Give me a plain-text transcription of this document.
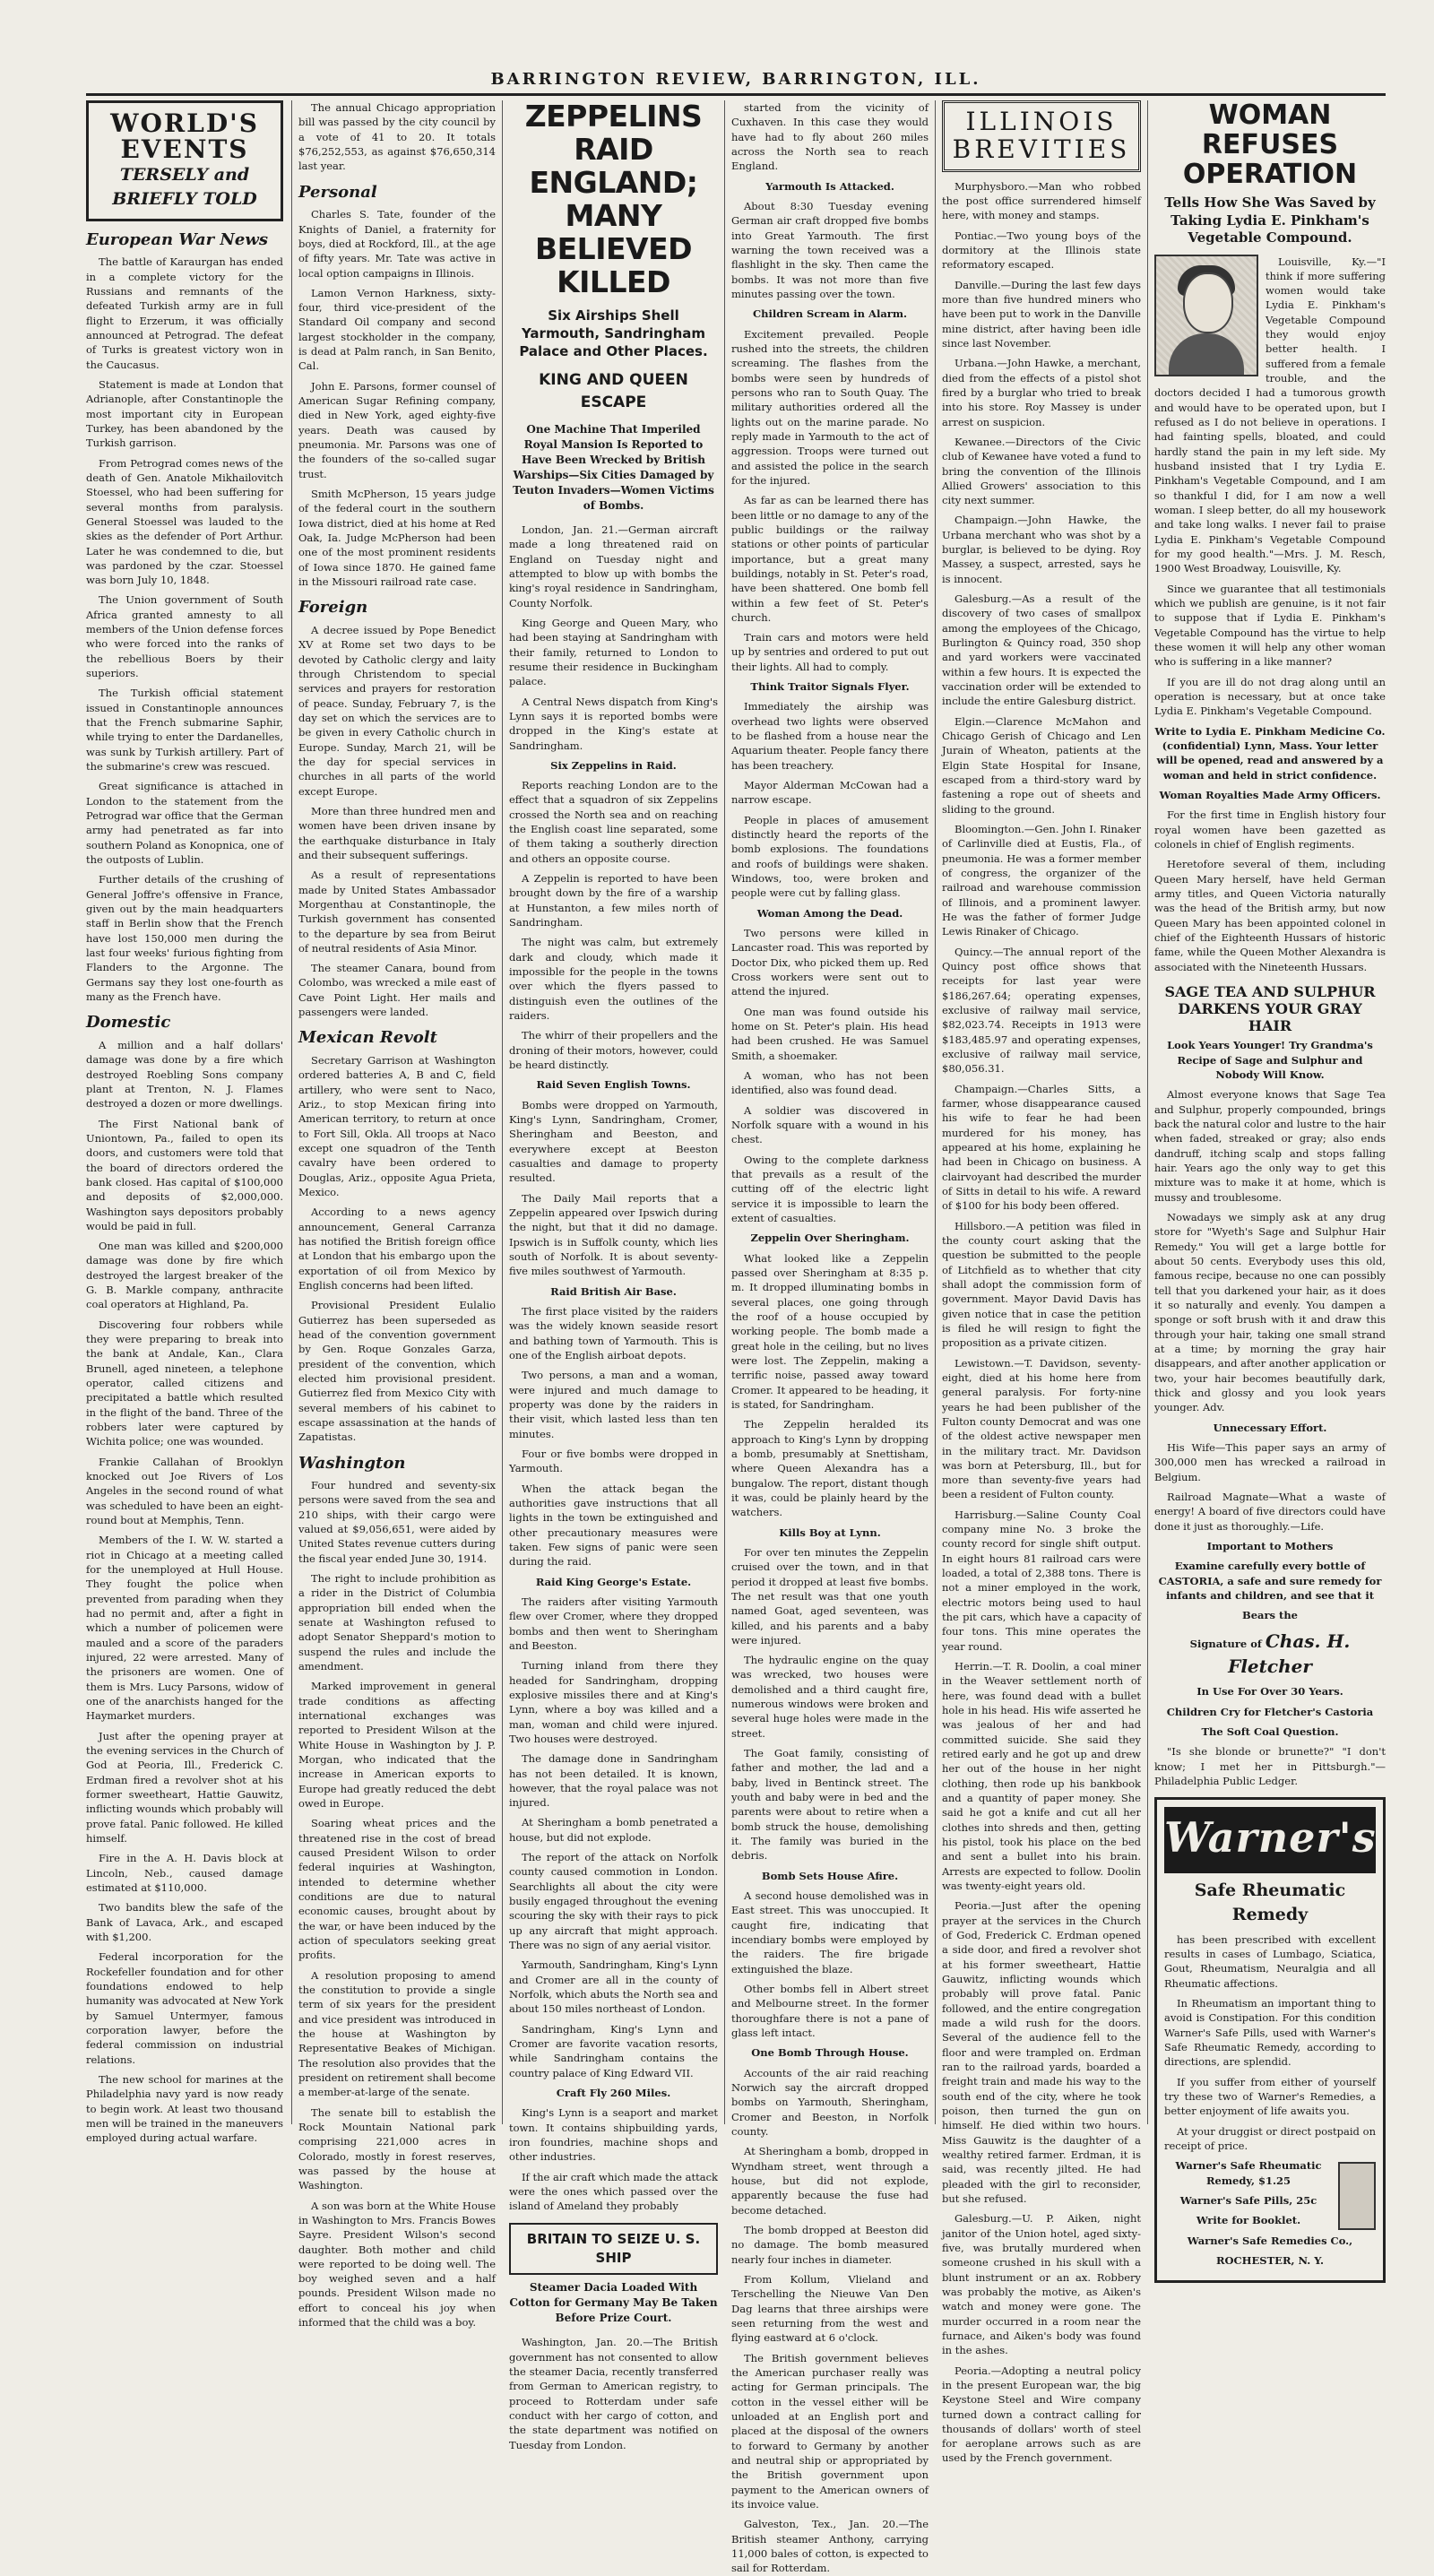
BARRINGTON REVIEW, BARRINGTON, ILL.
WORLD'S
EVENTS
TERSELY and
BRIEFLY TOLD
European War News

The battle of Karaurgan has ended in a complete victory for the Russians and remnants of the defeated Turkish army are in full flight to Erzerum, it was officially announced at Petrograd. The defeat of Turks is greatest victory won in the Caucasus.

Statement is made at London that Adrianople, after Constantinople the most important city in European Turkey, has been abandoned by the Turkish garrison.

From Petrograd comes news of the death of Gen. Anatole Mikhailovitch Stoessel, who had been suffering for several months from paralysis. General Stoessel was lauded to the skies as the defender of Port Arthur. Later he was condemned to die, but was pardoned by the czar. Stoessel was born July 10, 1848.

The Union government of South Africa granted amnesty to all members of the Union defense forces who were forced into the ranks of the rebellious Boers by their superiors.

The Turkish official statement issued in Constantinople announces that the French submarine Saphir, while trying to enter the Dardanelles, was sunk by Turkish artillery. Part of the submarine's crew was rescued.

Great significance is attached in London to the statement from the Petrograd war office that the German army had penetrated as far into southern Poland as Konopnica, one of the outposts of Lublin.

Further details of the crushing of General Joffre's offensive in France, given out by the main headquarters staff in Berlin show that the French have lost 150,000 men during the last four weeks' furious fighting from Flanders to the Argonne. The Germans say they lost one-fourth as many as the French have.

Domestic

A million and a half dollars' damage was done by a fire which destroyed Roebling Sons company plant at Trenton, N. J. Flames destroyed a dozen or more dwellings.

The First National bank of Uniontown, Pa., failed to open its doors, and customers were told that the board of directors ordered the bank closed. Has capital of $100,000 and deposits of $2,000,000. Washington says depositors probably would be paid in full.

One man was killed and $200,000 damage was done by fire which destroyed the largest breaker of the G. B. Markle company, anthracite coal operators at Highland, Pa.

Discovering four robbers while they were preparing to break into the bank at Andale, Kan., Clara Brunell, aged nineteen, a telephone operator, called citizens and precipitated a battle which resulted in the flight of the band. Three of the robbers later were captured by Wichita police; one was wounded.

Frankie Callahan of Brooklyn knocked out Joe Rivers of Los Angeles in the second round of what was scheduled to have been an eight-round bout at Memphis, Tenn.

Members of the I. W. W. started a riot in Chicago at a meeting called for the unemployed at Hull House. They fought the police when prevented from parading when they had no permit and, after a fight in which a number of policemen were mauled and a score of the paraders injured, 22 were arrested. Many of the prisoners are women. One of them is Mrs. Lucy Parsons, widow of one of the anarchists hanged for the Haymarket murders.

Just after the opening prayer at the evening services in the Church of God at Peoria, Ill., Frederick C. Erdman fired a revolver shot at his former sweetheart, Hattie Gauwitz, inflicting wounds which probably will prove fatal. Panic followed. He killed himself.

Fire in the A. H. Davis block at Lincoln, Neb., caused damage estimated at $110,000.

Two bandits blew the safe of the Bank of Lavaca, Ark., and escaped with $1,200.

Federal incorporation for the Rockefeller foundation and for other foundations endowed to help humanity was advocated at New York by Samuel Untermyer, famous corporation lawyer, before the federal commission on industrial relations.

The new school for marines at the Philadelphia navy yard is now ready to begin work. At least two thousand men will be trained in the maneuvers employed during actual warfare.

The annual Chicago appropriation bill was passed by the city council by a vote of 41 to 20. It totals $76,252,553, as against $76,650,314 last year.

Personal

Charles S. Tate, founder of the Knights of Daniel, a fraternity for boys, died at Rockford, Ill., at the age of fifty years. Mr. Tate was active in local option campaigns in Illinois.

Lamon Vernon Harkness, sixty-four, third vice-president of the Standard Oil company and second largest stockholder in the company, is dead at Palm ranch, in San Benito, Cal.

John E. Parsons, former counsel of American Sugar Refining company, died in New York, aged eighty-five years. Death was caused by pneumonia. Mr. Parsons was one of the founders of the so-called sugar trust.

Smith McPherson, 15 years judge of the federal court in the southern Iowa district, died at his home at Red Oak, Ia. Judge McPherson had been one of the most prominent residents of Iowa since 1870. He gained fame in the Missouri railroad rate case.

Foreign

A decree issued by Pope Benedict XV at Rome set two days to be devoted by Catholic clergy and laity through Christendom to special services and prayers for restoration of peace. Sunday, February 7, is the day set on which the services are to be given in every Catholic church in Europe. Sunday, March 21, will be the day for special services in churches in all parts of the world except Europe.

More than three hundred men and women have been driven insane by the earthquake disturbance in Italy and their subsequent sufferings.

As a result of representations made by United States Ambassador Morgenthau at Constantinople, the Turkish government has consented to the departure by sea from Beirut of neutral residents of Asia Minor.

The steamer Canara, bound from Colombo, was wrecked a mile east of Cave Point Light. Her mails and passengers were landed.

Mexican Revolt

Secretary Garrison at Washington ordered batteries A, B and C, field artillery, who were sent to Naco, Ariz., to stop Mexican firing into American territory, to return at once to Fort Sill, Okla. All troops at Naco except one squadron of the Tenth cavalry have been ordered to Douglas, Ariz., opposite Agua Prieta, Mexico.

According to a news agency announcement, General Carranza has notified the British foreign office at London that his embargo upon the exportation of oil from Mexico by English concerns had been lifted.

Provisional President Eulalio Gutierrez has been superseded as head of the convention government by Gen. Roque Gonzales Garza, president of the convention, which elected him provisional president. Gutierrez fled from Mexico City with several members of his cabinet to escape assassination at the hands of Zapatistas.

Washington

Four hundred and seventy-six persons were saved from the sea and 210 ships, with their cargo were valued at $9,056,651, were aided by United States revenue cutters during the fiscal year ended June 30, 1914.

The right to include prohibition as a rider in the District of Columbia appropriation bill ended when the senate at Washington refused to adopt Senator Sheppard's motion to suspend the rules and include the amendment.

Marked improvement in general trade conditions as affecting international exchanges was reported to President Wilson at the White House in Washington by J. P. Morgan, who indicated that the increase in American exports to Europe had greatly reduced the debt owed in Europe.

Soaring wheat prices and the threatened rise in the cost of bread caused President Wilson to order federal inquiries at Washington, intended to determine whether conditions are due to natural economic causes, brought about by the war, or have been induced by the action of speculators seeking great profits.

A resolution proposing to amend the constitution to provide a single term of six years for the president and vice president was introduced in the house at Washington by Representative Beakes of Michigan. The resolution also provides that the president on retirement shall become a member-at-large of the senate.

The senate bill to establish the Rock Mountain National park comprising 221,000 acres in Colorado, mostly in forest reserves, was passed by the house at Washington.

A son was born at the White House in Washington to Mrs. Francis Bowes Sayre. President Wilson's second daughter. Both mother and child were reported to be doing well. The boy weighed seven and a half pounds. President Wilson made no effort to conceal his joy when informed that the child was a boy.

ZEPPELINS RAID ENGLAND; MANY BELIEVED KILLED
Six Airships Shell Yarmouth, Sandringham Palace and Other Places.
KING AND QUEEN ESCAPE
One Machine That Imperiled Royal Mansion Is Reported to Have Been Wrecked by British Warships—Six Cities Damaged by Teuton Invaders—Women Victims of Bombs.

London, Jan. 21.—German aircraft made a long threatened raid on England on Tuesday night and attempted to blow up with bombs the king's royal residence in Sandringham, County Norfolk.

King George and Queen Mary, who had been staying at Sandringham with their family, returned to London to resume their residence in Buckingham palace.

A Central News dispatch from King's Lynn says it is reported bombs were dropped in the King's estate at Sandringham.

Six Zeppelins in Raid.

Reports reaching London are to the effect that a squadron of six Zeppelins crossed the North sea and on reaching the English coast line separated, some of them taking a southerly direction and others an opposite course.

A Zeppelin is reported to have been brought down by the fire of a warship at Hunstanton, a few miles north of Sandringham.

The night was calm, but extremely dark and cloudy, which made it impossible for the people in the towns over which the flyers passed to distinguish even the outlines of the raiders.

The whirr of their propellers and the droning of their motors, however, could be heard distinctly.

Raid Seven English Towns.

Bombs were dropped on Yarmouth, King's Lynn, Sandringham, Cromer, Sheringham and Beeston, and everywhere except at Beeston casualties and damage to property resulted.

The Daily Mail reports that a Zeppelin appeared over Ipswich during the night, but that it did no damage. Ipswich is in Suffolk county, which lies south of Norfolk. It is about seventy-five miles southwest of Yarmouth.

Raid British Air Base.

The first place visited by the raiders was the widely known seaside resort and bathing town of Yarmouth. This is one of the English airboat depots.

Two persons, a man and a woman, were injured and much damage to property was done by the raiders in their visit, which lasted less than ten minutes.

Four or five bombs were dropped in Yarmouth.

When the attack began the authorities gave instructions that all lights in the town be extinguished and other precautionary measures were taken. Few signs of panic were seen during the raid.

Raid King George's Estate.

The raiders after visiting Yarmouth flew over Cromer, where they dropped bombs and then went to Sheringham and Beeston.

Turning inland from there they headed for Sandringham, dropping explosive missiles there and at King's Lynn, where a boy was killed and a man, woman and child were injured. Two houses were destroyed.

The damage done in Sandringham has not been detailed. It is known, however, that the royal palace was not injured.

At Sheringham a bomb penetrated a house, but did not explode.

The report of the attack on Norfolk county caused commotion in London. Searchlights all about the city were busily engaged throughout the evening scouring the sky with their rays to pick up any aircraft that might approach. There was no sign of any aerial visitor.

Yarmouth, Sandringham, King's Lynn and Cromer are all in the county of Norfolk, which abuts the North sea and about 150 miles northeast of London.

Sandringham, King's Lynn and Cromer are favorite vacation resorts, while Sandringham contains the country palace of King Edward VII.

Craft Fly 260 Miles.

King's Lynn is a seaport and market town. It contains shipbuilding yards, iron foundries, machine shops and other industries.

If the air craft which made the attack were the ones which passed over the island of Ameland they probably

BRITAIN TO SEIZE U. S. SHIP
Steamer Dacia Loaded With Cotton for Germany May Be Taken Before Prize Court.

Washington, Jan. 20.—The British government has not consented to allow the steamer Dacia, recently transferred from German to American registry, to proceed to Rotterdam under safe conduct with her cargo of cotton, and the state department was notified on Tuesday from London.

started from the vicinity of Cuxhaven. In this case they would have had to fly about 260 miles across the North sea to reach England.

Yarmouth Is Attacked.

About 8:30 Tuesday evening German air craft dropped five bombs into Great Yarmouth. The first warning the town received was a flashlight in the sky. Then came the bombs. It was not more than five minutes passing over the town.

Children Scream in Alarm.

Excitement prevailed. People rushed into the streets, the children screaming. The flashes from the bombs were seen by hundreds of persons who ran to South Quay. The military authorities ordered all the lights out on the marine parade. No reply made in Yarmouth to the act of aggression. Troops were turned out and assisted the police in the search for the injured.

As far as can be learned there has been little or no damage to any of the public buildings or the railway stations or other points of particular importance, but a great many buildings, notably in St. Peter's road, have been shattered. One bomb fell within a few feet of St. Peter's church.

Train cars and motors were held up by sentries and ordered to put out their lights. All had to comply.

Think Traitor Signals Flyer.

Immediately the airship was overhead two lights were observed to be flashed from a house near the Aquarium theater. People fancy there has been treachery.

Mayor Alderman McCowan had a narrow escape.

People in places of amusement distinctly heard the reports of the bomb explosions. The foundations and roofs of buildings were shaken. Windows, too, were broken and people were cut by falling glass.

Woman Among the Dead.

Two persons were killed in Lancaster road. This was reported by Doctor Dix, who picked them up. Red Cross workers were sent out to attend the injured.

One man was found outside his home on St. Peter's plain. His head had been crushed. He was Samuel Smith, a shoemaker.

A woman, who has not been identified, also was found dead.

A soldier was discovered in Norfolk square with a wound in his chest.

Owing to the complete darkness that prevails as a result of the cutting off of the electric light service it is impossible to learn the extent of casualties.

Zeppelin Over Sheringham.

What looked like a Zeppelin passed over Sheringham at 8:35 p. m. It dropped illuminating bombs in several places, one going through the roof of a house occupied by working people. The bomb made a great hole in the ceiling, but no lives were lost. The Zeppelin, making a terrific noise, passed away toward Cromer. It appeared to be heading, it is stated, for Sandringham.

The Zeppelin heralded its approach to King's Lynn by dropping a bomb, presumably at Snettisham, where Queen Alexandra has a bungalow. The report, distant though it was, could be plainly heard by the watchers.

Kills Boy at Lynn.

For over ten minutes the Zeppelin cruised over the town, and in that period it dropped at least five bombs. The net result was that one youth named Goat, aged seventeen, was killed, and his parents and a baby were injured.

The hydraulic engine on the quay was wrecked, two houses were demolished and a third caught fire, numerous windows were broken and several huge holes were made in the street.

The Goat family, consisting of father and mother, the lad and a baby, lived in Bentinck street. The youth and baby were in bed and the parents were about to retire when a bomb struck the house, demolishing it. The family was buried in the debris.

Bomb Sets House Afire.

A second house demolished was in East street. This was unoccupied. It caught fire, indicating that incendiary bombs were employed by the raiders. The fire brigade extinguished the blaze.

Other bombs fell in Albert street and Melbourne street. In the former thoroughfare there is not a pane of glass left intact.

One Bomb Through House.

Accounts of the air raid reaching Norwich say the aircraft dropped bombs on Yarmouth, Sheringham, Cromer and Beeston, in Norfolk county.

At Sheringham a bomb, dropped in Wyndham street, went through a house, but did not explode, apparently because the fuse had become detached.

The bomb dropped at Beeston did no damage. The bomb measured nearly four inches in diameter.

From Kollum, Vlieland and Terschelling the Nieuwe Van Den Dag learns that three airships were seen returning from the west and flying eastward at 6 o'clock.

The British government believes the American purchaser really was acting for German principals. The cotton in the vessel either will be unloaded at an English port and placed at the disposal of the owners to forward to Germany by another and neutral ship or appropriated by the British government upon payment to the American owners of its invoice value.

Galveston, Tex., Jan. 20.—The British steamer Anthony, carrying 11,000 bales of cotton, is expected to sail for Rotterdam.

ILLINOIS
BREVITIES

Murphysboro.—Man who robbed the post office surrendered himself here, with money and stamps.

Pontiac.—Two young boys of the dormitory at the Illinois state reformatory escaped.

Danville.—During the last few days more than five hundred miners who have been put to work in the Danville mine district, after having been idle since last November.

Urbana.—John Hawke, a merchant, died from the effects of a pistol shot fired by a burglar who tried to break into his store. Roy Massey is under arrest on suspicion.

Kewanee.—Directors of the Civic club of Kewanee have voted a fund to bring the convention of the Illinois Allied Growers' association to this city next summer.

Champaign.—John Hawke, the Urbana merchant who was shot by a burglar, is believed to be dying. Roy Massey, a suspect, arrested, says he is innocent.

Galesburg.—As a result of the discovery of two cases of smallpox among the employees of the Chicago, Burlington & Quincy road, 350 shop and yard workers were vaccinated within a few hours. It is expected the vaccination order will be extended to include the entire Galesburg district.

Elgin.—Clarence McMahon and Chicago Gerish of Chicago and Len Jurain of Wheaton, patients at the Elgin State Hospital for Insane, escaped from a third-story ward by fastening a rope out of sheets and sliding to the ground.

Bloomington.—Gen. John I. Rinaker of Carlinville died at Eustis, Fla., of pneumonia. He was a former member of congress, the organizer of the railroad and warehouse commission of Illinois, and a prominent lawyer. He was the father of former Judge Lewis Rinaker of Chicago.

Quincy.—The annual report of the Quincy post office shows that receipts for last year were $186,267.64; operating expenses, exclusive of railway mail service, $82,023.74. Receipts in 1913 were $183,485.97 and operating expenses, exclusive of railway mail service, $80,056.31.

Champaign.—Charles Sitts, a farmer, whose disappearance caused his wife to fear he had been murdered for his money, has appeared at his home, explaining he had been in Chicago on business. A clairvoyant had described the murder of Sitts in detail to his wife. A reward of $100 for his body been offered.

Hillsboro.—A petition was filed in the county court asking that the question be submitted to the people of Litchfield as to whether that city shall adopt the commission form of government. Mayor David Davis has given notice that in case the petition is filed he will resign to fight the proposition as a private citizen.

Lewistown.—T. Davidson, seventy-eight, died at his home here from general paralysis. For forty-nine years he had been publisher of the Fulton county Democrat and was one of the oldest active newspaper men in the military tract. Mr. Davidson was born at Petersburg, Ill., but for more than seventy-five years had been a resident of Fulton county.

Harrisburg.—Saline County Coal company mine No. 3 broke the county record for single shift output. In eight hours 81 railroad cars were loaded, a total of 2,388 tons. There is not a miner employed in the work, electric motors being used to haul the pit cars, which have a capacity of four tons. This mine operates the year round.

Herrin.—T. R. Doolin, a coal miner in the Weaver settlement north of here, was found dead with a bullet hole in his head. His wife asserted he was jealous of her and had committed suicide. She said they retired early and he got up and drew her out of the house in her night clothing, then rode up his bankbook and a quantity of paper money. She said he got a knife and cut all her clothes into shreds and then, getting his pistol, took his place on the bed and sent a bullet into his brain. Arrests are expected to follow. Doolin was twenty-eight years old.

Peoria.—Just after the opening prayer at the services in the Church of God, Frederick C. Erdman opened a side door, and fired a revolver shot at his former sweetheart, Hattie Gauwitz, inflicting wounds which probably will prove fatal. Panic followed, and the entire congregation made a wild rush for the doors. Several of the audience fell to the floor and were trampled on. Erdman ran to the railroad yards, boarded a freight train and made his way to the south end of the city, where he took poison, then turned the gun on himself. He died within two hours. Miss Gauwitz is the daughter of a wealthy retired farmer. Erdman, it is said, was recently jilted. He had pleaded with the girl to reconsider, but she refused.

Galesburg.—U. P. Aiken, night janitor of the Union hotel, aged sixty-five, was brutally murdered when someone crushed in his skull with a blunt instrument or an ax. Robbery was probably the motive, as Aiken's watch and money were gone. The murder occurred in a room near the furnace, and Aiken's body was found in the ashes.

Peoria.—Adopting a neutral policy in the present European war, the big Keystone Steel and Wire company turned down a contract calling for thousands of dollars' worth of steel for aeroplane arrows such as are used by the French government.

WOMAN REFUSES OPERATION
Tells How She Was Saved by Taking Lydia E. Pinkham's Vegetable Compound.

Louisville, Ky.—"I think if more suffering women would take Lydia E. Pinkham's Vegetable Compound they would enjoy better health. I suffered from a female trouble, and the doctors decided I had a tumorous growth and would have to be operated upon, but I refused as I do not believe in operations. I had fainting spells, bloated, and could hardly stand the pain in my left side. My husband insisted that I try Lydia E. Pinkham's Vegetable Compound, and I am so thankful I did, for I am now a well woman. I sleep better, do all my housework and take long walks. I never fail to praise Lydia E. Pinkham's Vegetable Compound for my good health."—Mrs. J. M. Resch, 1900 West Broadway, Louisville, Ky.

Since we guarantee that all testimonials which we publish are genuine, is it not fair to suppose that if Lydia E. Pinkham's Vegetable Compound has the virtue to help these women it will help any other woman who is suffering in a like manner?

If you are ill do not drag along until an operation is necessary, but at once take Lydia E. Pinkham's Vegetable Compound.

Write to Lydia E. Pinkham Medicine Co. (confidential) Lynn, Mass. Your letter will be opened, read and answered by a woman and held in strict confidence.

Woman Royalties Made Army Officers.

For the first time in English history four royal women have been gazetted as colonels in chief of English regiments.

Heretofore several of them, including Queen Mary herself, have held German army titles, and Queen Victoria naturally was the head of the British army, but now Queen Mary has been appointed colonel in chief of the Eighteenth Hussars of historic fame, while the Queen Mother Alexandra is associated with the Nineteenth Hussars.

SAGE TEA AND SULPHUR DARKENS YOUR GRAY HAIR

Look Years Younger! Try Grandma's Recipe of Sage and Sulphur and Nobody Will Know.

Almost everyone knows that Sage Tea and Sulphur, properly compounded, brings back the natural color and lustre to the hair when faded, streaked or gray; also ends dandruff, itching scalp and stops falling hair. Years ago the only way to get this mixture was to make it at home, which is mussy and troublesome.

Nowadays we simply ask at any drug store for "Wyeth's Sage and Sulphur Hair Remedy." You will get a large bottle for about 50 cents. Everybody uses this old, famous recipe, because no one can possibly tell that you darkened your hair, as it does it so naturally and evenly. You dampen a sponge or soft brush with it and draw this through your hair, taking one small strand at a time; by morning the gray hair disappears, and after another application or two, your hair becomes beautifully dark, thick and glossy and you look years younger. Adv.

Unnecessary Effort.

His Wife—This paper says an army of 300,000 men has wrecked a railroad in Belgium.

Railroad Magnate—What a waste of energy! A board of five directors could have done it just as thoroughly.—Life.

Important to Mothers

Examine carefully every bottle of CASTORIA, a safe and sure remedy for infants and children, and see that it

Bears the

Signature of Chas. H. Fletcher

In Use For Over 30 Years.

Children Cry for Fletcher's Castoria

The Soft Coal Question.

"Is she blonde or brunette?" "I don't know; I met her in Pittsburgh."—Philadelphia Public Ledger.

Warner's
Safe Rheumatic Remedy

has been prescribed with excellent results in cases of Lumbago, Sciatica, Gout, Rheumatism, Neuralgia and all Rheumatic affections.

In Rheumatism an important thing to avoid is Constipation. For this condition Warner's Safe Pills, used with Warner's Safe Rheumatic Remedy, according to directions, are splendid.

If you suffer from either of yourself try these two of Warner's Remedies, a better enjoyment of life awaits you.

At your druggist or direct postpaid on receipt of price.

Warner's Safe Rheumatic Remedy, $1.25

Warner's Safe Pills, 25c

Write for Booklet.

Warner's Safe Remedies Co.,

ROCHESTER, N. Y.
